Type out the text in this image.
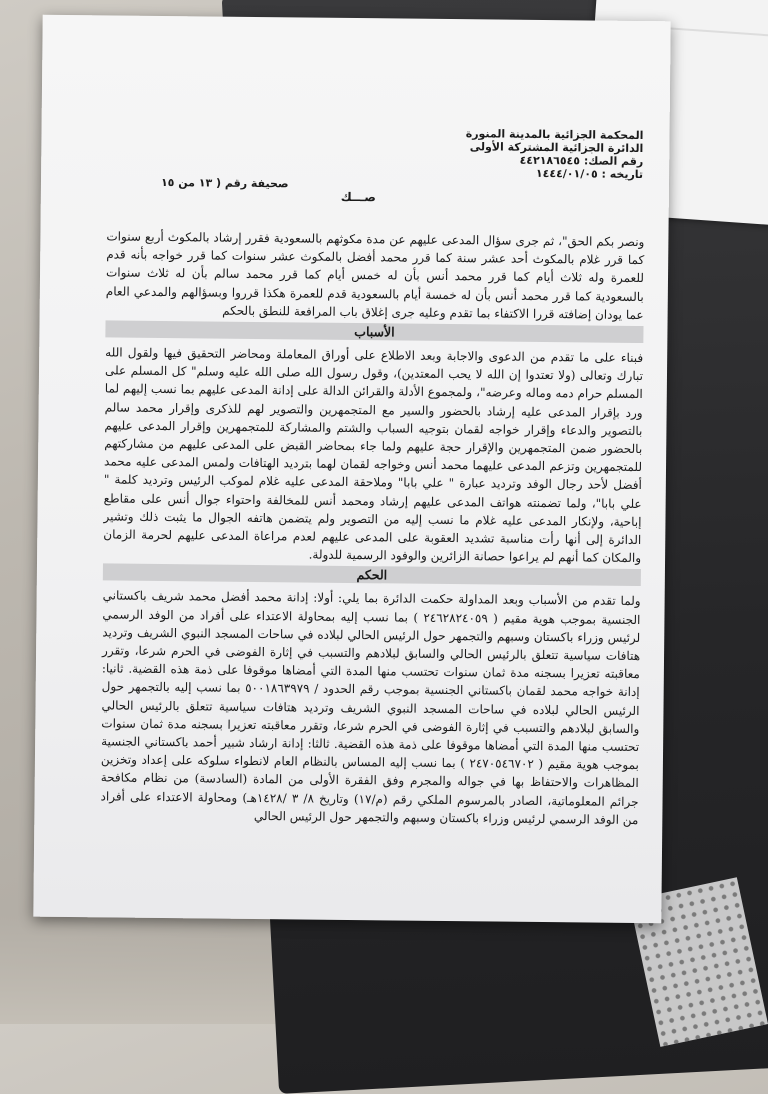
المحكمة الجزائية بالمدينة المنورة
الدائرة الجزائية المشتركة الأولى
رقم الصك: ٤٤٢١٨٦٥٤٥
تاريخه : ١٤٤٤/٠١/٠٥
صحيفة رقم ( ١٣ من ١٥
صـــك

ونصر بكم الحق"، ثم جرى سؤال المدعى عليهم عن مدة مكوثهم بالسعودية فقرر إرشاد بالمكوث أربع سنوات كما قرر غلام بالمكوث أحد عشر سنة كما قرر محمد أفضل بالمكوث عشر سنوات كما قرر خواجه بأنه قدم للعمرة وله ثلاث أيام كما قرر محمد أنس بأن له خمس أيام كما قرر محمد سالم بأن له ثلاث سنوات بالسعودية كما قرر محمد أنس بأن له خمسة أيام بالسعودية قدم للعمرة هكذا قرروا وبسؤالهم والمدعي العام عما يودان إضافته قررا الاكتفاء بما تقدم وعليه جرى إغلاق باب المرافعة للنطق بالحكم

الأسباب

فبناء على ما تقدم من الدعوى والاجابة وبعد الاطلاع على أوراق المعاملة ومحاضر التحقيق فيها ولقول الله تبارك وتعالى (ولا تعتدوا إن الله لا يحب المعتدين)، وقول رسول الله صلى الله عليه وسلم" كل المسلم على المسلم حرام دمه وماله وعرضه"، ولمجموع الأدلة والقرائن الدالة على إدانة المدعى عليهم بما نسب إليهم لما ورد بإقرار المدعى عليه إرشاد بالحضور والسير مع المتجمهرين والتصوير لهم للذكرى وإقرار محمد سالم بالتصوير والدعاء وإقرار خواجه لقمان بتوجيه السباب والشتم والمشاركة للمتجمهرين وإقرار المدعى عليهم بالحضور ضمن المتجمهرين والإقرار حجة عليهم ولما جاء بمحاضر القبض على المدعى عليهم من مشاركتهم للمتجمهرين وتزعم المدعى عليهما محمد أنس وخواجه لقمان لهما بترديد الهتافات ولمس المدعى عليه محمد أفضل لأحد رجال الوفد وترديد عبارة " علي بابا" وملاحقة المدعى عليه غلام لموكب الرئيس وترديد كلمة " علي بابا"، ولما تضمنته هواتف المدعى عليهم إرشاد ومحمد أنس للمخالفة واحتواء جوال أنس على مقاطع إباحية، ولإنكار المدعى عليه غلام ما نسب إليه من التصوير ولم يتضمن هاتفه الجوال ما يثبت ذلك وتشير الدائرة إلى أنها رأت مناسبة تشديد العقوبة على المدعى عليهم لعدم مراعاة المدعى عليهم لحرمة الزمان والمكان كما أنهم لم يراعوا حصانة الزائرين والوفود الرسمية للدولة.

الحكم

ولما تقدم من الأسباب وبعد المداولة حكمت الدائرة بما يلي: أولا: إدانة محمد أفضل محمد شريف باكستاني الجنسية بموجب هوية مقيم ( ٢٤٦٢٨٢٤٠٥٩ ) بما نسب إليه بمحاولة الاعتداء على أفراد من الوفد الرسمي لرئيس وزراء باكستان وسبهم والتجمهر حول الرئيس الحالي لبلاده في ساحات المسجد النبوي الشريف وترديد هتافات سياسية تتعلق بالرئيس الحالي والسابق لبلادهم والتسبب في إثارة الفوضى في الحرم شرعا، وتقرر معاقبته تعزيرا بسجنه مدة ثمان سنوات تحتسب منها المدة التي أمضاها موقوفا على ذمة هذه القضية. ثانيا: إدانة خواجه محمد لقمان باكستاني الجنسية بموجب رقم الحدود / ٥٠٠١٨٦٣٩٧٩ بما نسب إليه بالتجمهر حول الرئيس الحالي لبلاده في ساحات المسجد النبوي الشريف وترديد هتافات سياسية تتعلق بالرئيس الحالي والسابق لبلادهم والتسبب في إثارة الفوضى في الحرم شرعا، وتقرر معاقبته تعزيرا بسجنه مدة ثمان سنوات تحتسب منها المدة التي أمضاها موقوفا على ذمة هذه القضية. ثالثا: إدانة ارشاد شبير أحمد باكستاني الجنسية بموجب هوية مقيم ( ٢٤٧٠٥٤٦٧٠٢ ) بما نسب إليه المساس بالنظام العام لانطواء سلوكه على إعداد وتخزين المظاهرات والاحتفاظ بها في جواله والمجرم وفق الفقرة الأولى من المادة (السادسة) من نظام مكافحة جرائم المعلوماتية، الصادر بالمرسوم الملكي رقم (م/١٧) وتاريخ ٨/ ٣ /١٤٢٨هـ) ومحاولة الاعتداء على أفراد من الوفد الرسمي لرئيس وزراء باكستان وسبهم والتجمهر حول الرئيس الحالي
